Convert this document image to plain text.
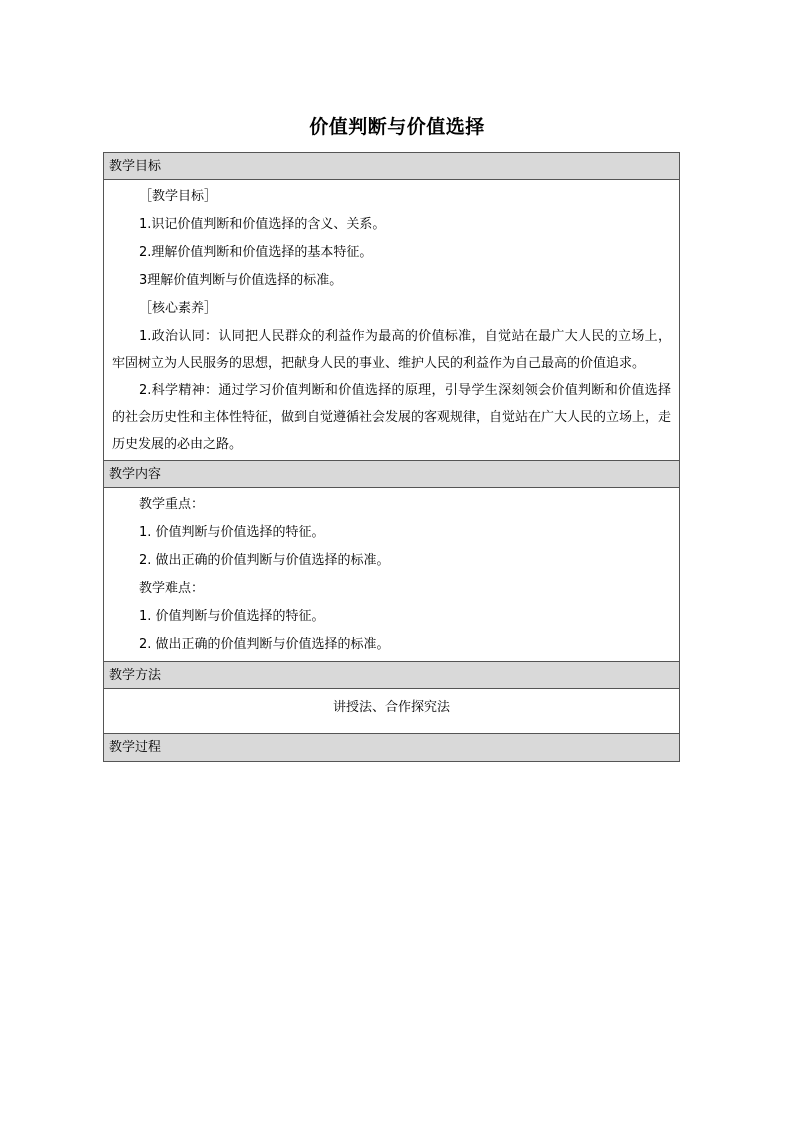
价值判断与价值选择
教学目标
［教学目标］
1.识记价值判断和价值选择的含义、关系。
2.理解价值判断和价值选择的基本特征。
3理解价值判断与价值选择的标准。
［核心素养］
1.政治认同：认同把人民群众的利益作为最高的价值标准，自觉站在最广大人民的立场上，牢固树立为人民服务的思想，把献身人民的事业、维护人民的利益作为自己最高的价值追求。
2.科学精神：通过学习价值判断和价值选择的原理，引导学生深刻领会价值判断和价值选择的社会历史性和主体性特征，做到自觉遵循社会发展的客观规律，自觉站在广大人民的立场上，走历史发展的必由之路。
教学内容
教学重点：
1. 价值判断与价值选择的特征。
2. 做出正确的价值判断与价值选择的标准。
教学难点：
1. 价值判断与价值选择的特征。
2. 做出正确的价值判断与价值选择的标准。
教学方法
讲授法、合作探究法
教学过程
